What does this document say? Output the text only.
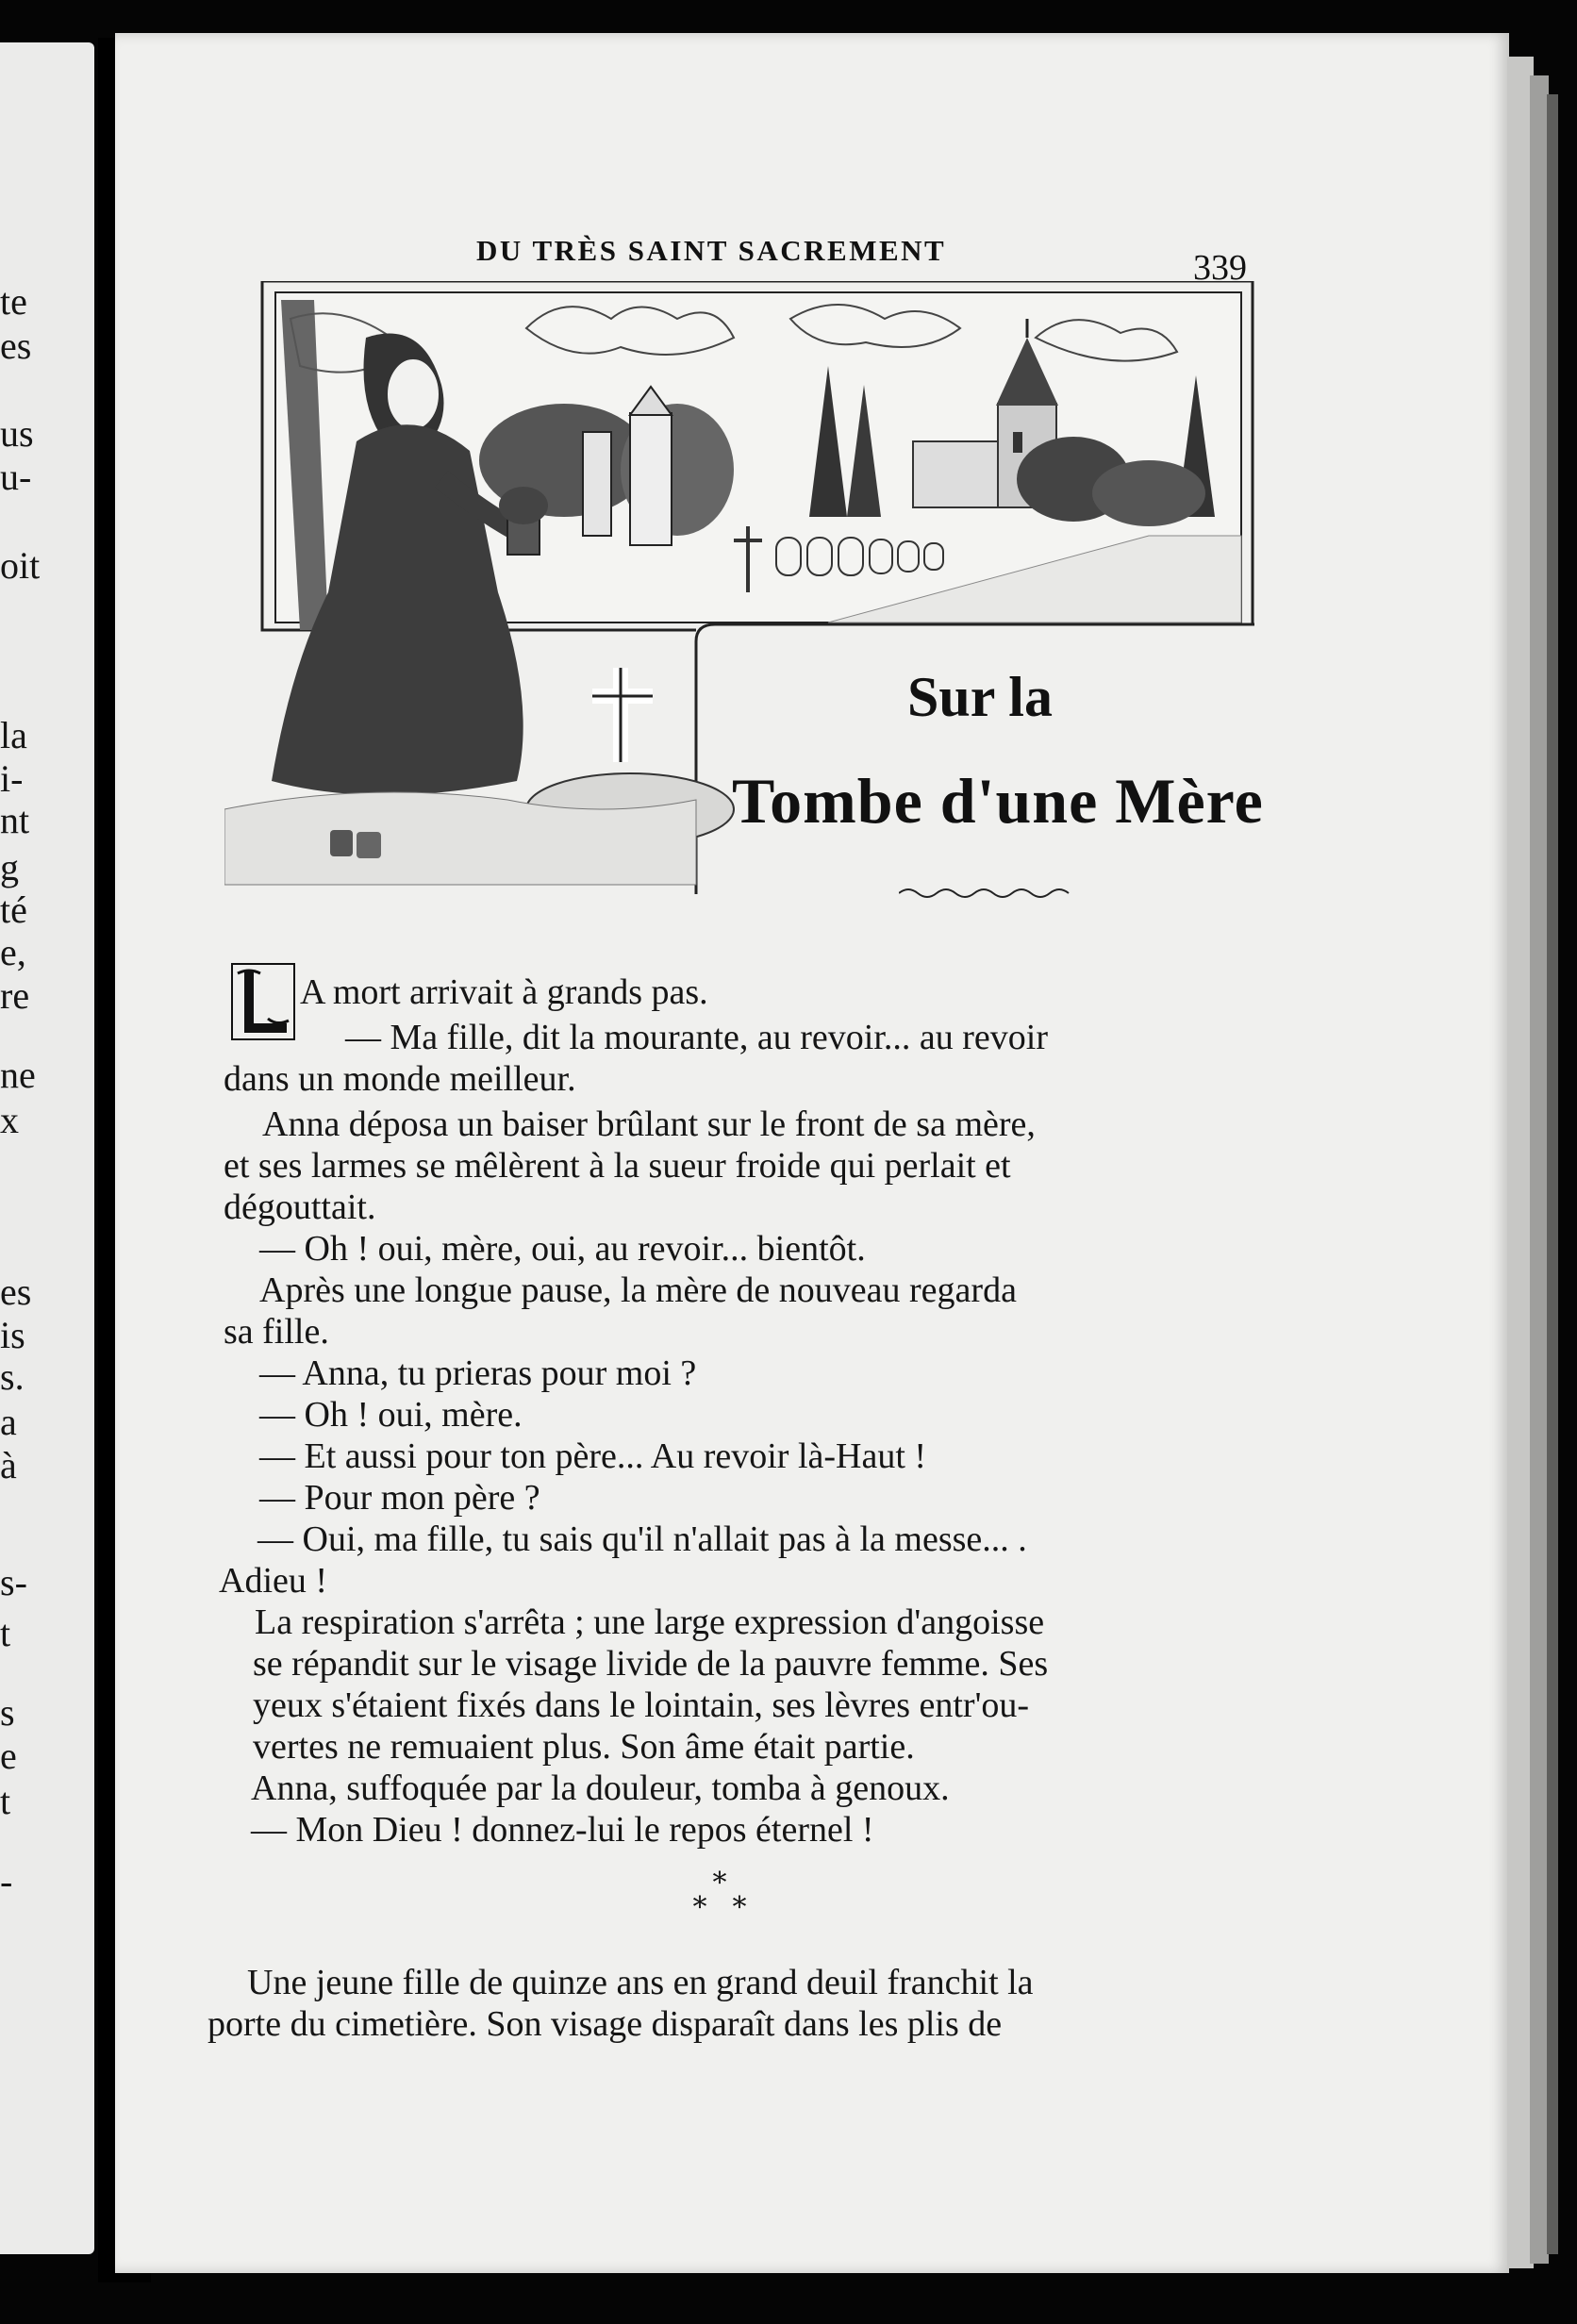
te
es
us
u-
oit
la
i-
nt
g
té
e,
re
ne
x
es
is
s.
a
à
s-
t
s
e
t
-
DU TRÈS SAINT SACREMENT	339
Sur la
Tombe d'une Mère
A mort arrivait à grands pas.
— Ma fille, dit la mourante, au revoir... au revoir
dans un monde meilleur.
Anna déposa un baiser brûlant sur le front de sa mère,
et ses larmes se mêlèrent à la sueur froide qui perlait et
dégouttait.
— Oh ! oui, mère, oui, au revoir... bientôt.
Après une longue pause, la mère de nouveau regarda
sa fille.
— Anna, tu prieras pour moi ?
— Oh ! oui, mère.
— Et aussi pour ton père... Au revoir là-Haut !
— Pour mon père ?
— Oui, ma fille, tu sais qu'il n'allait pas à la messe... .
Adieu !
La respiration s'arrêta ; une large expression d'angoisse
se répandit sur le visage livide de la pauvre femme. Ses
yeux s'étaient fixés dans le lointain, ses lèvres entr'ou-
vertes ne remuaient plus. Son âme était partie.
Anna, suffoquée par la douleur, tomba à genoux.
— Mon Dieu ! donnez-lui le repos éternel !
*
* *
Une jeune fille de quinze ans en grand deuil franchit la
porte du cimetière. Son visage disparaît dans les plis de
